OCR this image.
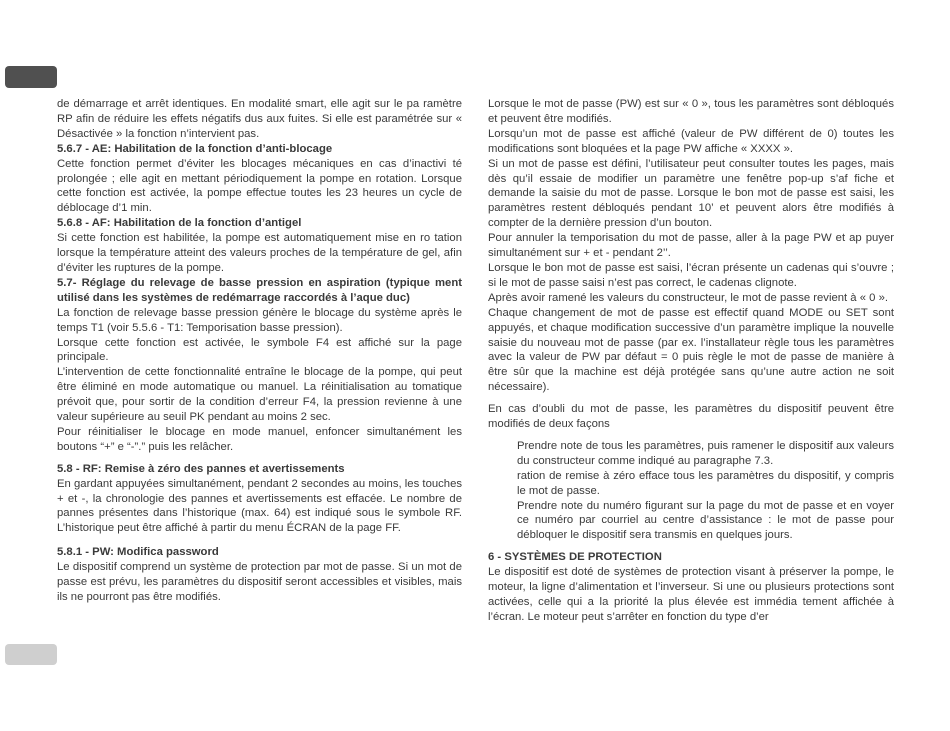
de démarrage et arrêt identiques. En modalité smart, elle agit sur le pa ramètre RP afin de réduire les effets négatifs dus aux fuites. Si elle est paramétrée sur « Désactivée » la fonction n’intervient pas.

5.6.7 - AE: Habilitation de la fonction d’anti-blocage

Cette fonction permet d’éviter les blocages mécaniques en cas d’inactivi té prolongée ; elle agit en mettant périodiquement la pompe en rotation. Lorsque cette fonction est activée, la pompe effectue toutes les 23 heures un cycle de déblocage d’1 min.

5.6.8 - AF: Habilitation de la fonction d’antigel

Si cette fonction est habilitée, la pompe est automatiquement mise en ro tation lorsque la température atteint des valeurs proches de la température de gel, afin d’éviter les ruptures de la pompe.

5.7- Réglage du relevage de basse pression en aspiration (typique ment utilisé dans les systèmes de redémarrage raccordés à l’aque duc)

La fonction de relevage basse pression génère le blocage du système après le temps T1 (voir 5.5.6 - T1: Temporisation basse pression).

Lorsque cette fonction est activée, le symbole F4 est affiché sur la page principale.

L’intervention de cette fonctionnalité entraîne le blocage de la pompe, qui peut être éliminé en mode automatique ou manuel. La réinitialisation au tomatique prévoit que, pour sortir de la condition d’erreur F4, la pression revienne à une valeur supérieure au seuil PK pendant au moins 2 sec.

Pour réinitialiser le blocage en mode manuel, enfoncer simultanément les boutons “+” e “-”.” puis les relâcher.

5.8 - RF: Remise à zéro des pannes et avertissements

En gardant appuyées simultanément, pendant 2 secondes au moins, les touches + et -, la chronologie des pannes et avertissements est effacée. Le nombre de pannes présentes dans l’historique (max. 64) est indiqué sous le symbole RF. L’historique peut être affiché à partir du menu ÉCRAN de la page FF.

5.8.1 - PW: Modifica password

Le dispositif comprend un système de protection par mot de passe. Si un mot de passe est prévu, les paramètres du dispositif seront accessibles et visibles, mais ils ne pourront pas être modifiés.

Lorsque le mot de passe (PW) est sur « 0 », tous les paramètres sont débloqués et peuvent être modifiés.

Lorsqu’un mot de passe est affiché (valeur de PW différent de 0) toutes les modifications sont bloquées et la page PW affiche « XXXX ».

Si un mot de passe est défini, l’utilisateur peut consulter toutes les pages, mais dès qu’il essaie de modifier un paramètre une fenêtre pop-up s’af fiche et demande la saisie du mot de passe. Lorsque le bon mot de passe est saisi, les paramètres restent débloqués pendant 10’ et peuvent alors être modifiés à compter de la dernière pression d’un bouton.

Pour annuler la temporisation du mot de passe, aller à la page PW et ap puyer simultanément sur + et - pendant 2’’.

Lorsque le bon mot de passe est saisi, l’écran présente un cadenas qui s’ouvre ; si le mot de passe saisi n’est pas correct, le cadenas clignote.

Après avoir ramené les valeurs du constructeur, le mot de passe revient à « 0 ».

Chaque changement de mot de passe est effectif quand MODE ou SET sont appuyés, et chaque modification successive d’un paramètre implique la nouvelle saisie du nouveau mot de passe (par ex. l’installateur règle tous les paramètres avec la valeur de PW par défaut = 0 puis règle le mot de passe de manière à être sûr que la machine est déjà protégée sans qu’une autre action ne soit nécessaire).

En cas d’oubli du mot de passe, les paramètres du dispositif peuvent être modifiés de deux façons

Prendre note de tous les paramètres, puis ramener le dispositif aux valeurs du constructeur comme indiqué au paragraphe 7.3.

ration de remise à zéro efface tous les paramètres du dispositif, y compris le mot de passe.

Prendre note du numéro figurant sur la page du mot de passe et en voyer ce numéro par courriel au centre d’assistance : le mot de passe pour débloquer le dispositif sera transmis en quelques jours.

6 - SYSTÈMES DE PROTECTION

Le dispositif est doté de systèmes de protection visant à préserver la pompe, le moteur, la ligne d’alimentation et l’inverseur. Si une ou plusieurs protections sont activées, celle qui a la priorité la plus élevée est immédia tement affichée à l’écran. Le moteur peut s’arrêter en fonction du type d’er
